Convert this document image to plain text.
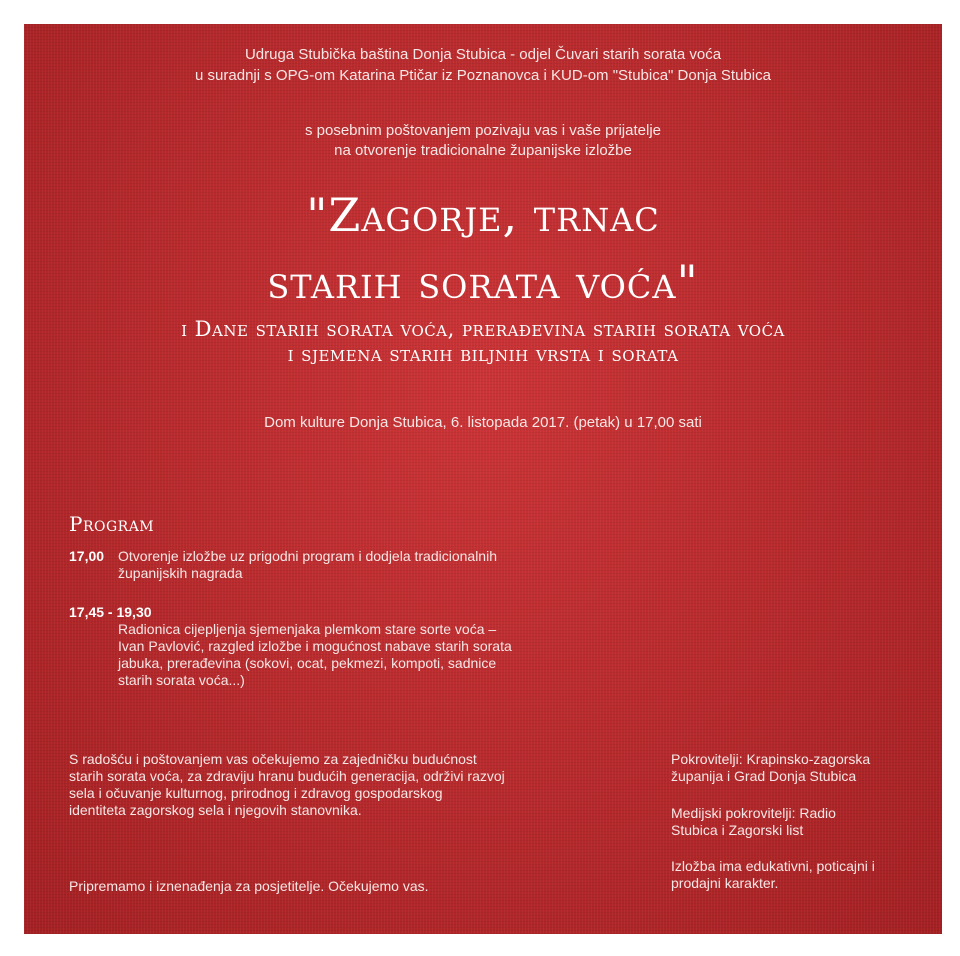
Udruga Stubička baština Donja Stubica - odjel Čuvari starih sorata voća
u suradnji s OPG-om Katarina Ptičar iz Poznanovca i KUD-om "Stubica" Donja Stubica
s posebnim poštovanjem pozivaju vas i vaše prijatelje
na otvorenje tradicionalne županijske izložbe
"Zagorje, trnac
starih sorata voća"
i Dane starih sorata voća, prerađevina starih sorata voća
i sjemena starih biljnih vrsta i sorata
Dom kulture Donja Stubica, 6. listopada 2017. (petak) u 17,00 sati
Program
17,00 Otvorenje izložbe uz prigodni program i dodjela tradicionalnih
županijskih nagrada
17,45 - 19,30
Radionica cijepljenja sjemenjaka plemkom stare sorte voća –
Ivan Pavlović, razgled izložbe i mogućnost nabave starih sorata
jabuka, prerađevina (sokovi, ocat, pekmezi, kompoti, sadnice
starih sorata voća...)
S radošću i poštovanjem vas očekujemo za zajedničku budućnost
starih sorata voća, za zdraviju hranu budućih generacija, održivi razvoj
sela i očuvanje kulturnog, prirodnog i zdravog gospodarskog
identiteta zagorskog sela i njegovih stanovnika.
Pripremamo i iznenađenja za posjetitelje. Očekujemo vas.
Pokrovitelji: Krapinsko-zagorska
županija i Grad Donja Stubica
Medijski pokrovitelji: Radio
Stubica i Zagorski list
Izložba ima edukativni, poticajni i
prodajni karakter.
